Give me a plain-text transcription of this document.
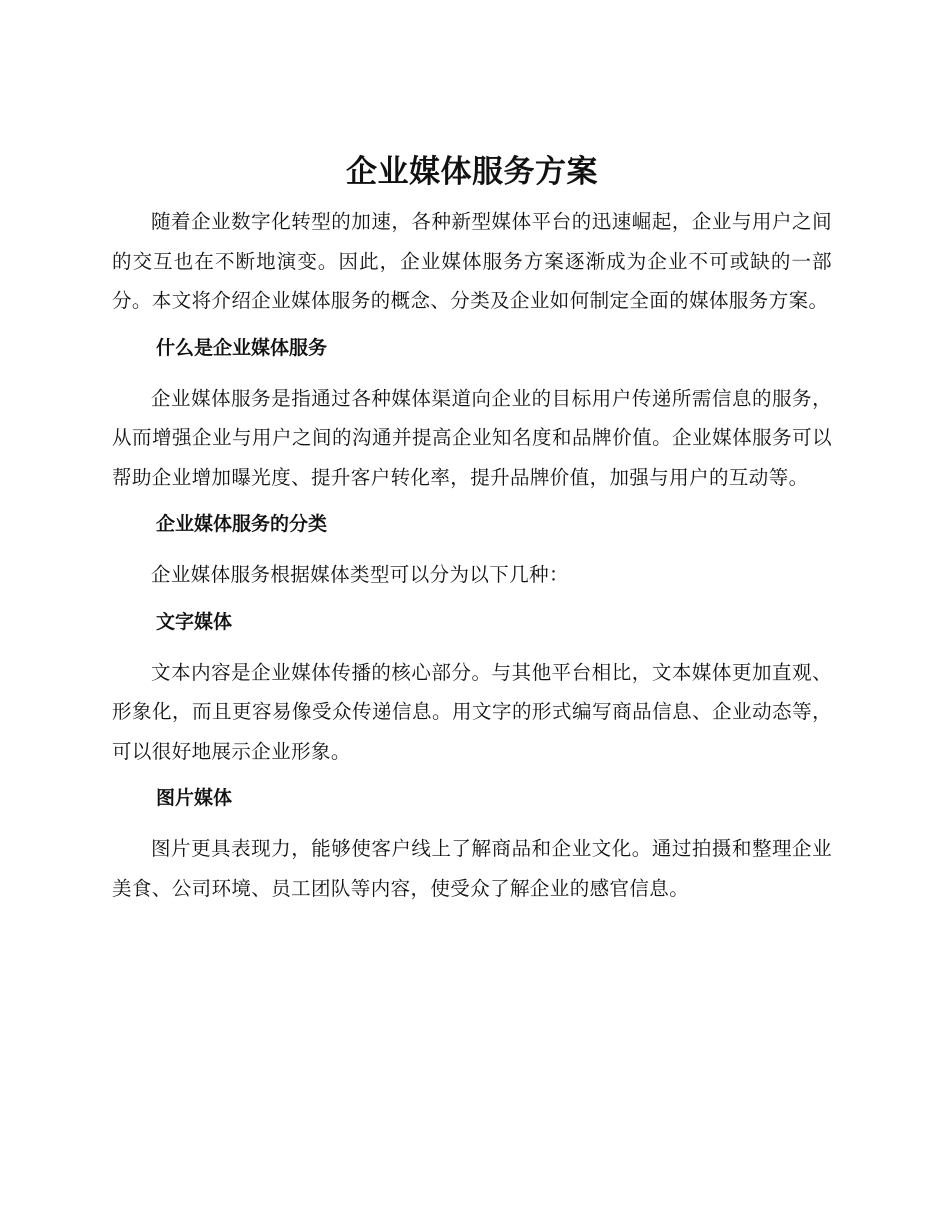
企业媒体服务方案

随着企业数字化转型的加速，各种新型媒体平台的迅速崛起，企业与用户之间的交互也在不断地演变。因此，企业媒体服务方案逐渐成为企业不可或缺的一部分。本文将介绍企业媒体服务的概念、分类及企业如何制定全面的媒体服务方案。

什么是企业媒体服务

企业媒体服务是指通过各种媒体渠道向企业的目标用户传递所需信息的服务，从而增强企业与用户之间的沟通并提高企业知名度和品牌价值。企业媒体服务可以帮助企业增加曝光度、提升客户转化率，提升品牌价值，加强与用户的互动等。

企业媒体服务的分类

企业媒体服务根据媒体类型可以分为以下几种：

文字媒体

文本内容是企业媒体传播的核心部分。与其他平台相比，文本媒体更加直观、形象化，而且更容易像受众传递信息。用文字的形式编写商品信息、企业动态等，可以很好地展示企业形象。

图片媒体

图片更具表现力，能够使客户线上了解商品和企业文化。通过拍摄和整理企业美食、公司环境、员工团队等内容，使受众了解企业的感官信息。
